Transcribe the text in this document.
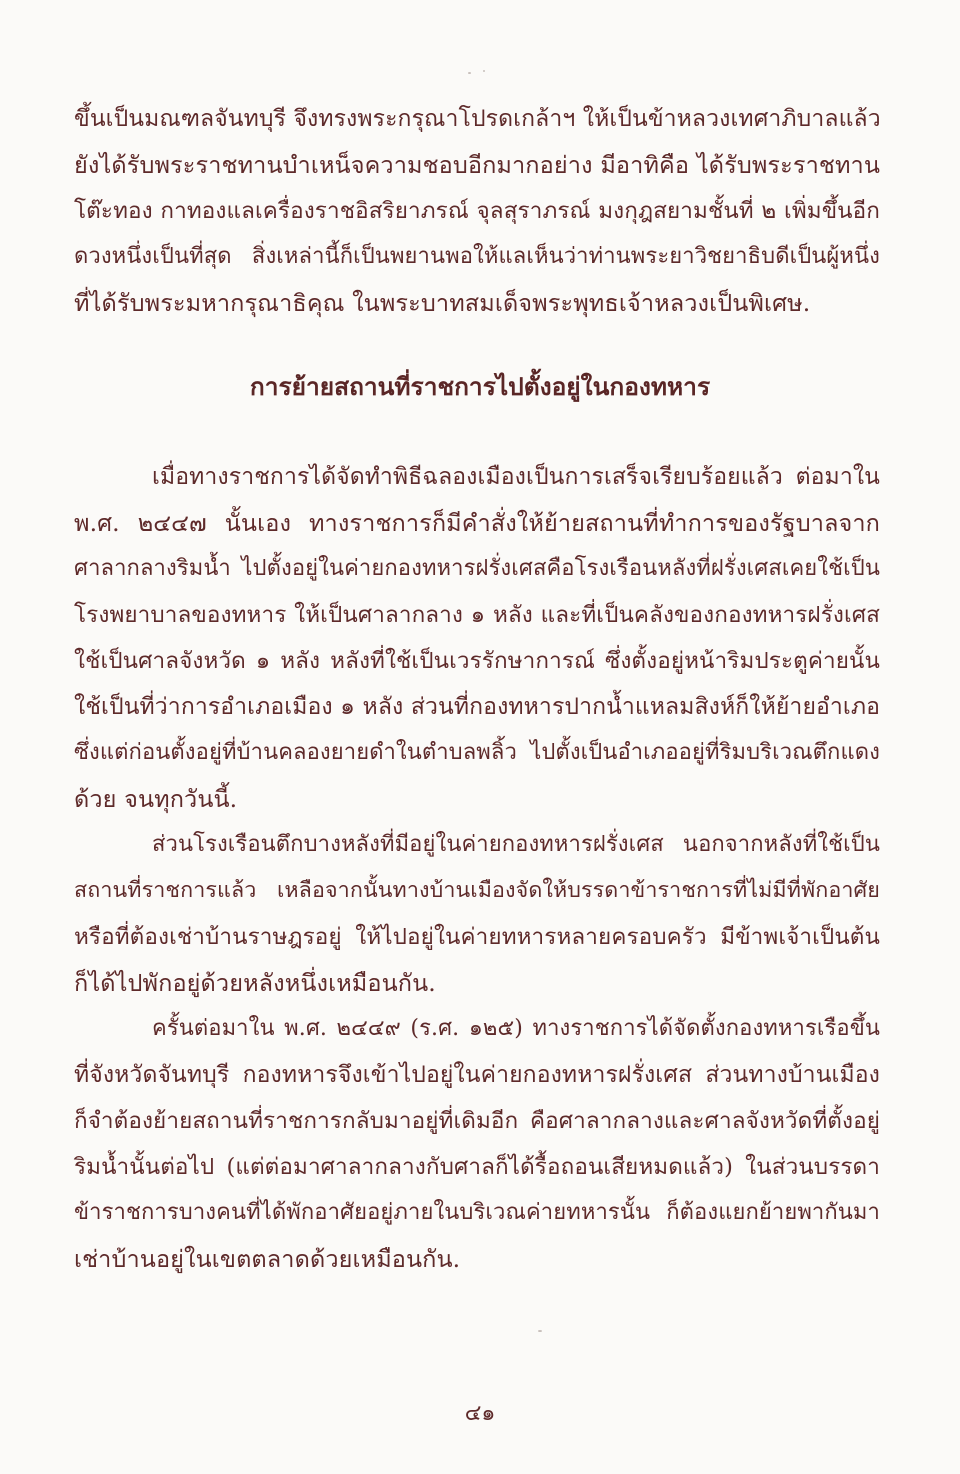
ขึ้นเป็นมณฑลจันทบุรี จึงทรงพระกรุณาโปรดเกล้าฯ ให้เป็นข้าหลวงเทศาภิบาลแล้ว
ยังได้รับพระราชทานบำเหน็จความชอบอีกมากอย่าง มีอาทิคือ ได้รับพระราชทาน
โต๊ะทอง กาทองแลเครื่องราชอิสริยาภรณ์ จุลสุราภรณ์ มงกุฎสยามชั้นที่ ๒ เพิ่มขึ้นอีก
ดวงหนึ่งเป็นที่สุด สิ่งเหล่านี้ก็เป็นพยานพอให้แลเห็นว่าท่านพระยาวิชยาธิบดีเป็นผู้หนึ่ง
ที่ได้รับพระมหากรุณาธิคุณ ในพระบาทสมเด็จพระพุทธเจ้าหลวงเป็นพิเศษ.
การย้ายสถานที่ราชการไปตั้งอยู่ในกองทหาร
เมื่อทางราชการได้จัดทำพิธีฉลองเมืองเป็นการเสร็จเรียบร้อยแล้ว ต่อมาใน
พ.ศ. ๒๔๔๗ นั้นเอง ทางราชการก็มีคำสั่งให้ย้ายสถานที่ทำการของรัฐบาลจาก
ศาลากลางริมน้ำ ไปตั้งอยู่ในค่ายกองทหารฝรั่งเศสคือโรงเรือนหลังที่ฝรั่งเศสเคยใช้เป็น
โรงพยาบาลของทหาร ให้เป็นศาลากลาง ๑ หลัง และที่เป็นคลังของกองทหารฝรั่งเศส
ใช้เป็นศาลจังหวัด ๑ หลัง หลังที่ใช้เป็นเวรรักษาการณ์ ซึ่งตั้งอยู่หน้าริมประตูค่ายนั้น
ใช้เป็นที่ว่าการอำเภอเมือง ๑ หลัง ส่วนที่กองทหารปากน้ำแหลมสิงห์ก็ให้ย้ายอำเภอ
ซึ่งแต่ก่อนตั้งอยู่ที่บ้านคลองยายดำในตำบลพลิ้ว ไปตั้งเป็นอำเภออยู่ที่ริมบริเวณตึกแดง
ด้วย จนทุกวันนี้.
ส่วนโรงเรือนตึกบางหลังที่มีอยู่ในค่ายกองทหารฝรั่งเศส นอกจากหลังที่ใช้เป็น
สถานที่ราชการแล้ว เหลือจากนั้นทางบ้านเมืองจัดให้บรรดาข้าราชการที่ไม่มีที่พักอาศัย
หรือที่ต้องเช่าบ้านราษฎรอยู่ ให้ไปอยู่ในค่ายทหารหลายครอบครัว มีข้าพเจ้าเป็นต้น
ก็ได้ไปพักอยู่ด้วยหลังหนึ่งเหมือนกัน.
ครั้นต่อมาใน พ.ศ. ๒๔๔๙ (ร.ศ. ๑๒๕) ทางราชการได้จัดตั้งกองทหารเรือขึ้น
ที่จังหวัดจันทบุรี กองทหารจึงเข้าไปอยู่ในค่ายกองทหารฝรั่งเศส ส่วนทางบ้านเมือง
ก็จำต้องย้ายสถานที่ราชการกลับมาอยู่ที่เดิมอีก คือศาลากลางและศาลจังหวัดที่ตั้งอยู่
ริมน้ำนั้นต่อไป (แต่ต่อมาศาลากลางกับศาลก็ได้รื้อถอนเสียหมดแล้ว) ในส่วนบรรดา
ข้าราชการบางคนที่ได้พักอาศัยอยู่ภายในบริเวณค่ายทหารนั้น ก็ต้องแยกย้ายพากันมา
เช่าบ้านอยู่ในเขตตลาดด้วยเหมือนกัน.
๔๑
